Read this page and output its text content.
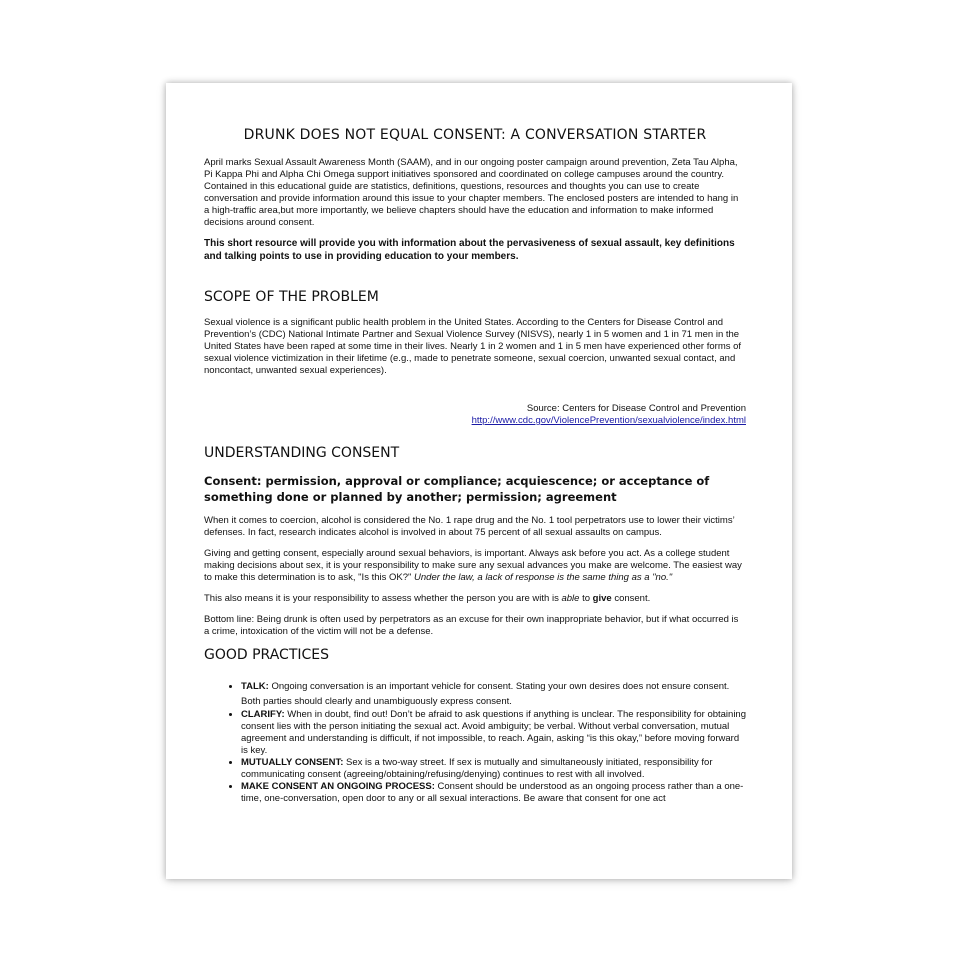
DRUNK DOES NOT EQUAL CONSENT: A CONVERSATION STARTER

April marks Sexual Assault Awareness Month (SAAM), and in our ongoing poster campaign around prevention, Zeta Tau Alpha, Pi Kappa Phi and Alpha Chi Omega support initiatives sponsored and coordinated on college campuses around the country. Contained in this educational guide are statistics, definitions, questions, resources and thoughts you can use to create conversation and provide information around this issue to your chapter members. The enclosed posters are intended to hang in a high-traffic area,but more importantly, we believe chapters should have the education and information to make informed decisions around consent.

This short resource will provide you with information about the pervasiveness of sexual assault, key definitions and talking points to use in providing education to your members.

SCOPE OF THE PROBLEM

Sexual violence is a significant public health problem in the United States. According to the Centers for Disease Control and Prevention’s (CDC) National Intimate Partner and Sexual Violence Survey (NISVS), nearly 1 in 5 women and 1 in 71 men in the United States have been raped at some time in their lives. Nearly 1 in 2 women and 1 in 5 men have experienced other forms of sexual violence victimization in their lifetime (e.g., made to penetrate someone, sexual coercion, unwanted sexual contact, and noncontact, unwanted sexual experiences).

Source: Centers for Disease Control and Prevention
http://www.cdc.gov/ViolencePrevention/sexualviolence/index.html
UNDERSTANDING CONSENT

Consent: permission, approval or compliance; acquiescence; or acceptance of something done or planned by another; permission; agreement

When it comes to coercion, alcohol is considered the No. 1 rape drug and the No. 1 tool perpetrators use to lower their victims’ defenses. In fact, research indicates alcohol is involved in about 75 percent of all sexual assaults on campus.

Giving and getting consent, especially around sexual behaviors, is important. Always ask before you act. As a college student making decisions about sex, it is your responsibility to make sure any sexual advances you make are welcome. The easiest way to make this determination is to ask, "Is this OK?" Under the law, a lack of response is the same thing as a "no."

This also means it is your responsibility to assess whether the person you are with is able to give consent.

Bottom line: Being drunk is often used by perpetrators as an excuse for their own inappropriate behavior, but if what occurred is a crime, intoxication of the victim will not be a defense.

GOOD PRACTICES
• TALK: Ongoing conversation is an important vehicle for consent. Stating your own desires does not ensure consent. Both parties should clearly and unambiguously express consent.
• CLARIFY: When in doubt, find out! Don’t be afraid to ask questions if anything is unclear. The responsibility for obtaining consent lies with the person initiating the sexual act. Avoid ambiguity; be verbal. Without verbal conversation, mutual agreement and understanding is difficult, if not impossible, to reach. Again, asking “is this okay,” before moving forward is key.
• MUTUALLY CONSENT: Sex is a two-way street. If sex is mutually and simultaneously initiated, responsibility for communicating consent (agreeing/obtaining/refusing/denying) continues to rest with all involved.
• MAKE CONSENT AN ONGOING PROCESS: Consent should be understood as an ongoing process rather than a one-time, one-conversation, open door to any or all sexual interactions. Be aware that consent for one act
